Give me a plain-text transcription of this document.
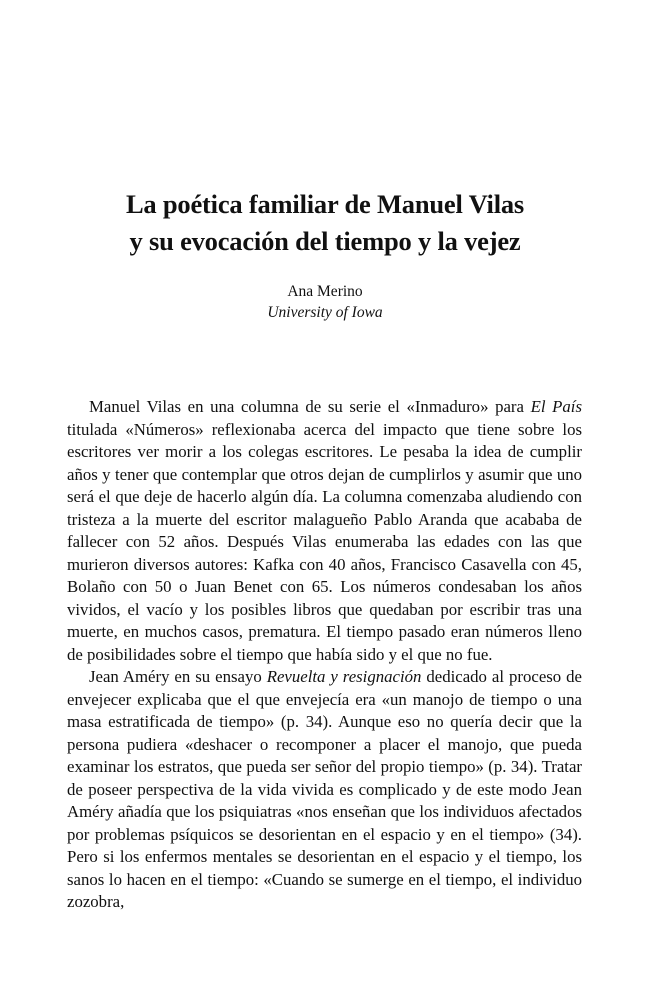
La poética familiar de Manuel Vilas
y su evocación del tiempo y la vejez
Ana Merino
University of Iowa

Manuel Vilas en una columna de su serie el «Inmaduro» para El País titulada «Números» reflexionaba acerca del impacto que tiene sobre los escritores ver morir a los colegas escritores. Le pesaba la idea de cumplir años y tener que contemplar que otros dejan de cumplirlos y asumir que uno será el que deje de hacerlo algún día. La columna comenzaba aludiendo con tristeza a la muerte del escritor malagueño Pablo Aranda que acababa de fallecer con 52 años. Después Vilas enumeraba las edades con las que murieron diversos autores: Kafka con 40 años, Francisco Casavella con 45, Bolaño con 50 o Juan Benet con 65. Los números condesaban los años vividos, el vacío y los posibles libros que quedaban por escribir tras una muerte, en muchos casos, prematura. El tiempo pasado eran números lleno de posibilidades sobre el tiempo que había sido y el que no fue.

Jean Améry en su ensayo Revuelta y resignación dedicado al proceso de envejecer explicaba que el que envejecía era «un manojo de tiempo o una masa estratificada de tiempo» (p. 34). Aunque eso no quería decir que la persona pudiera «deshacer o recomponer a placer el manojo, que pueda examinar los estratos, que pueda ser señor del propio tiempo» (p. 34). Tratar de poseer perspectiva de la vida vivida es complicado y de este modo Jean Améry añadía que los psiquiatras «nos enseñan que los individuos afectados por problemas psíquicos se desorientan en el espacio y en el tiempo» (34). Pero si los enfermos mentales se desorientan en el espacio y el tiempo, los sanos lo hacen en el tiempo: «Cuando se sumerge en el tiempo, el individuo zozobra,
